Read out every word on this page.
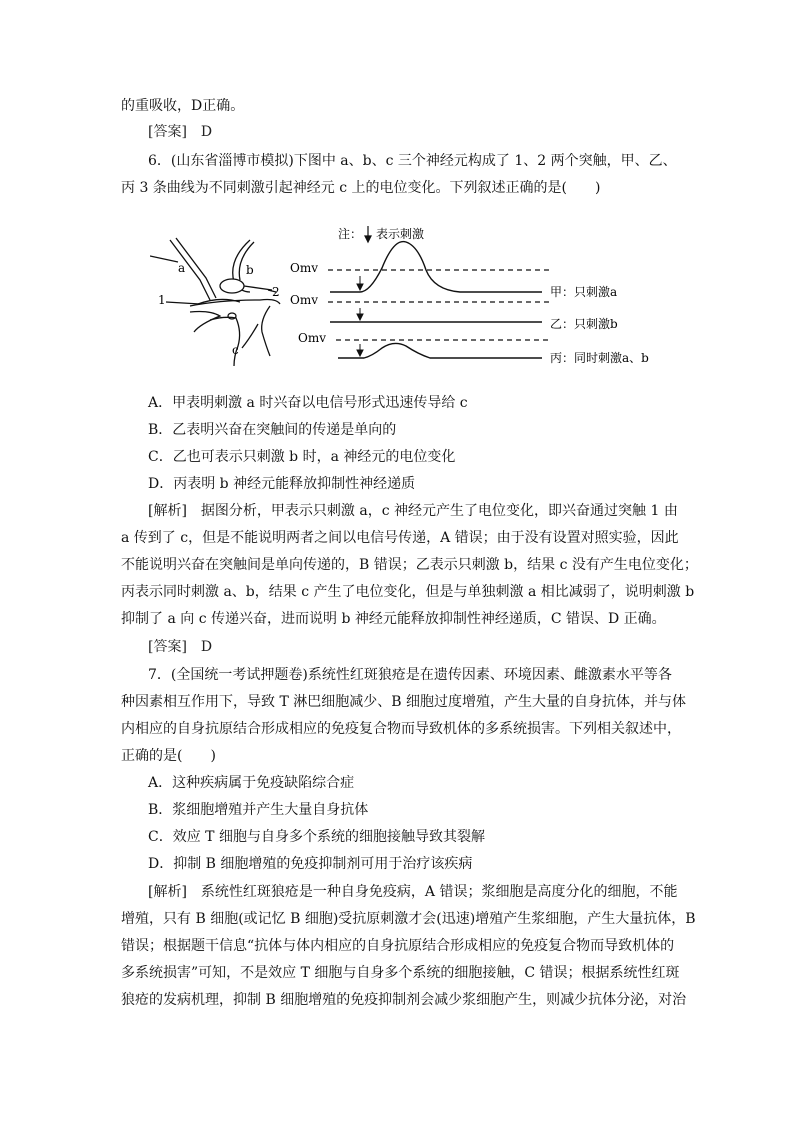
的重吸收，D正确。
[答案]　D
6．(山东省淄博市模拟)下图中 a、b、c 三个神经元构成了 1、2 两个突触，甲、乙、
丙 3 条曲线为不同刺激引起神经元 c 上的电位变化。下列叙述正确的是(　　)
a	b
c
1
2
注： 表示刺激
Omv
甲：只刺激a
Omv
乙：只刺激b
Omv
丙：同时刺激a、b
A．甲表明刺激 a 时兴奋以电信号形式迅速传导给 c
B．乙表明兴奋在突触间的传递是单向的
C．乙也可表示只刺激 b 时，a 神经元的电位变化
D．丙表明 b 神经元能释放抑制性神经递质
[解析]　据图分析，甲表示只刺激 a，c 神经元产生了电位变化，即兴奋通过突触 1 由
a 传到了 c，但是不能说明两者之间以电信号传递，A 错误；由于没有设置对照实验，因此
不能说明兴奋在突触间是单向传递的，B 错误；乙表示只刺激 b，结果 c 没有产生电位变化；
丙表示同时刺激 a、b，结果 c 产生了电位变化，但是与单独刺激 a 相比减弱了，说明刺激 b
抑制了 a 向 c 传递兴奋，进而说明 b 神经元能释放抑制性神经递质，C 错误、D 正确。
[答案]　D
7．(全国统一考试押题卷)系统性红斑狼疮是在遗传因素、环境因素、雌激素水平等各
种因素相互作用下，导致 T 淋巴细胞减少、B 细胞过度增殖，产生大量的自身抗体，并与体
内相应的自身抗原结合形成相应的免疫复合物而导致机体的多系统损害。下列相关叙述中，
正确的是(　　)
A．这种疾病属于免疫缺陷综合症
B．浆细胞增殖并产生大量自身抗体
C．效应 T 细胞与自身多个系统的细胞接触导致其裂解
D．抑制 B 细胞增殖的免疫抑制剂可用于治疗该疾病
[解析]　系统性红斑狼疮是一种自身免疫病，A 错误；浆细胞是高度分化的细胞，不能
增殖，只有 B 细胞(或记忆 B 细胞)受抗原刺激才会(迅速)增殖产生浆细胞，产生大量抗体，B
错误；根据题干信息“抗体与体内相应的自身抗原结合形成相应的免疫复合物而导致机体的
多系统损害”可知，不是效应 T 细胞与自身多个系统的细胞接触，C 错误；根据系统性红斑
狼疮的发病机理，抑制 B 细胞增殖的免疫抑制剂会减少浆细胞产生，则减少抗体分泌，对治
